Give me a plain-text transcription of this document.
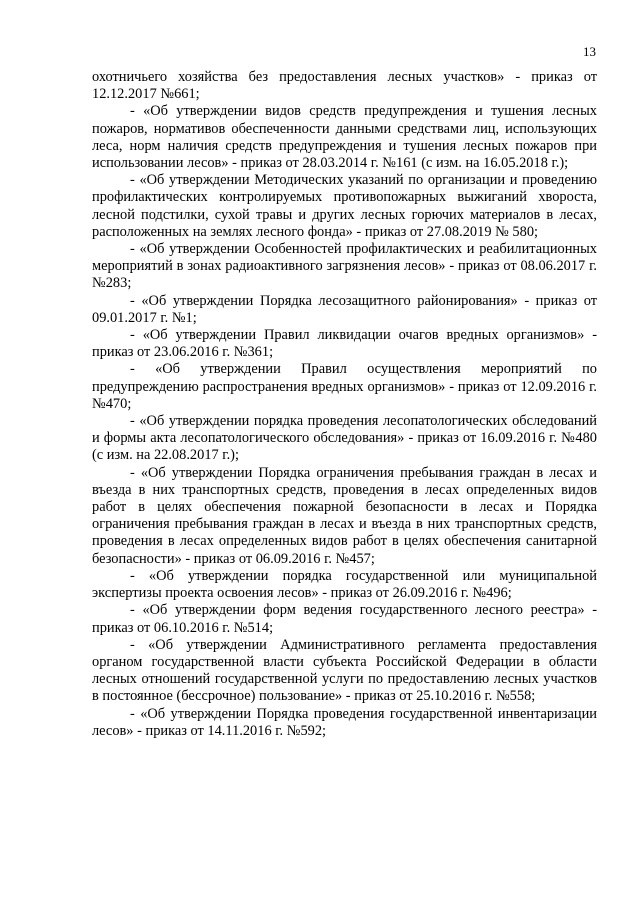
13

охотничьего хозяйства без предоставления лесных участков» - приказ от 12.12.2017 №661;

- «Об утверждении видов средств предупреждения и тушения лесных пожаров, нормативов обеспеченности данными средствами лиц, использующих леса, норм наличия средств предупреждения и тушения лесных пожаров при использовании лесов» - приказ от 28.03.2014 г. №161 (с изм. на 16.05.2018 г.);

- «Об утверждении Методических указаний по организации и проведению профилактических контролируемых противопожарных выжиганий хвороста, лесной подстилки, сухой травы и других лесных горючих материалов в лесах, расположенных на землях лесного фонда» - приказ от 27.08.2019 № 580;

- «Об утверждении Особенностей профилактических и реабилитационных мероприятий в зонах радиоактивного загрязнения лесов» - приказ от 08.06.2017 г. №283;

- «Об утверждении Порядка лесозащитного районирования» - приказ от 09.01.2017 г. №1;

- «Об утверждении Правил ликвидации очагов вредных организмов» - приказ от 23.06.2016 г. №361;

- «Об утверждении Правил осуществления мероприятий по предупреждению распространения вредных организмов» - приказ от 12.09.2016 г. №470;

- «Об утверждении порядка проведения лесопатологических обследований и формы акта лесопатологического обследования» - приказ от 16.09.2016 г. №480 (с изм. на 22.08.2017 г.);

- «Об утверждении Порядка ограничения пребывания граждан в лесах и въезда в них транспортных средств, проведения в лесах определенных видов работ в целях обеспечения пожарной безопасности в лесах и Порядка ограничения пребывания граждан в лесах и въезда в них транспортных средств, проведения в лесах определенных видов работ в целях обеспечения санитарной безопасности» - приказ от 06.09.2016 г. №457;

- «Об утверждении порядка государственной или муниципальной экспертизы проекта освоения лесов» - приказ от 26.09.2016 г. №496;

- «Об утверждении форм ведения государственного лесного реестра» - приказ от 06.10.2016 г. №514;

- «Об утверждении Административного регламента предоставления органом государственной власти субъекта Российской Федерации в области лесных отношений государственной услуги по предоставлению лесных участков в постоянное (бессрочное) пользование» - приказ от 25.10.2016 г. №558;

- «Об утверждении Порядка проведения государственной инвентаризации лесов» - приказ от 14.11.2016 г. №592;
